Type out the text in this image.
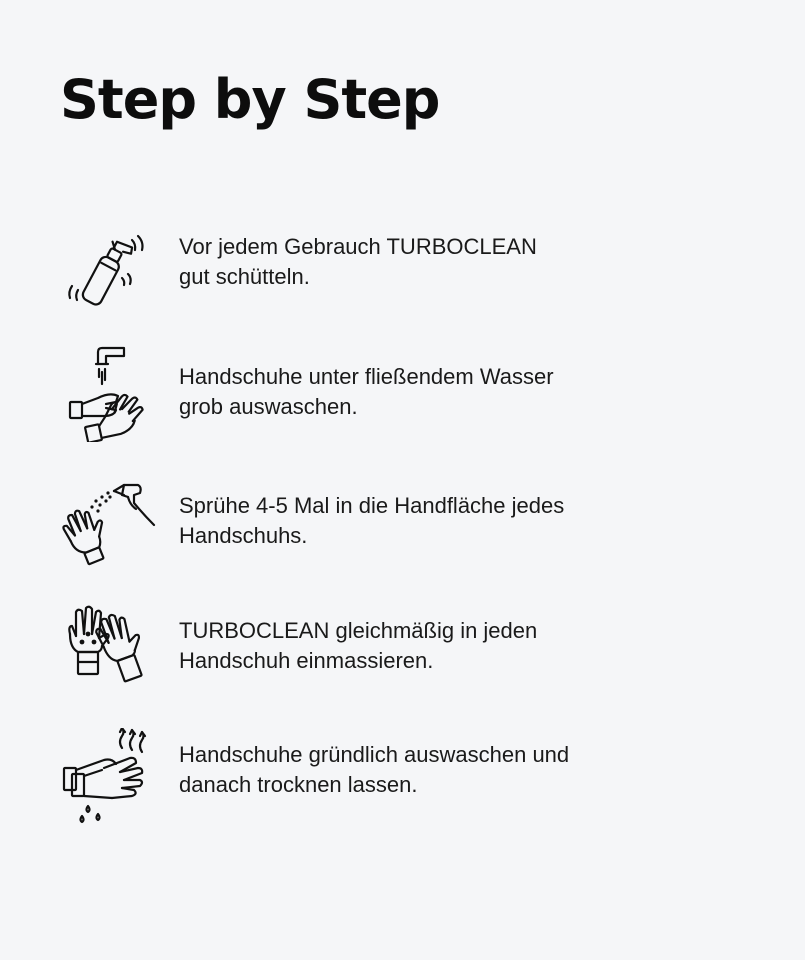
Step by Step

Vor jedem Gebrauch TURBOCLEAN
gut schütteln.

Handschuhe unter fließendem Wasser
grob auswaschen.

Sprühe 4-5 Mal in die Handfläche jedes
Handschuhs.

TURBOCLEAN gleichmäßig in jeden
Handschuh einmassieren.

Handschuhe gründlich auswaschen und
danach trocknen lassen.
